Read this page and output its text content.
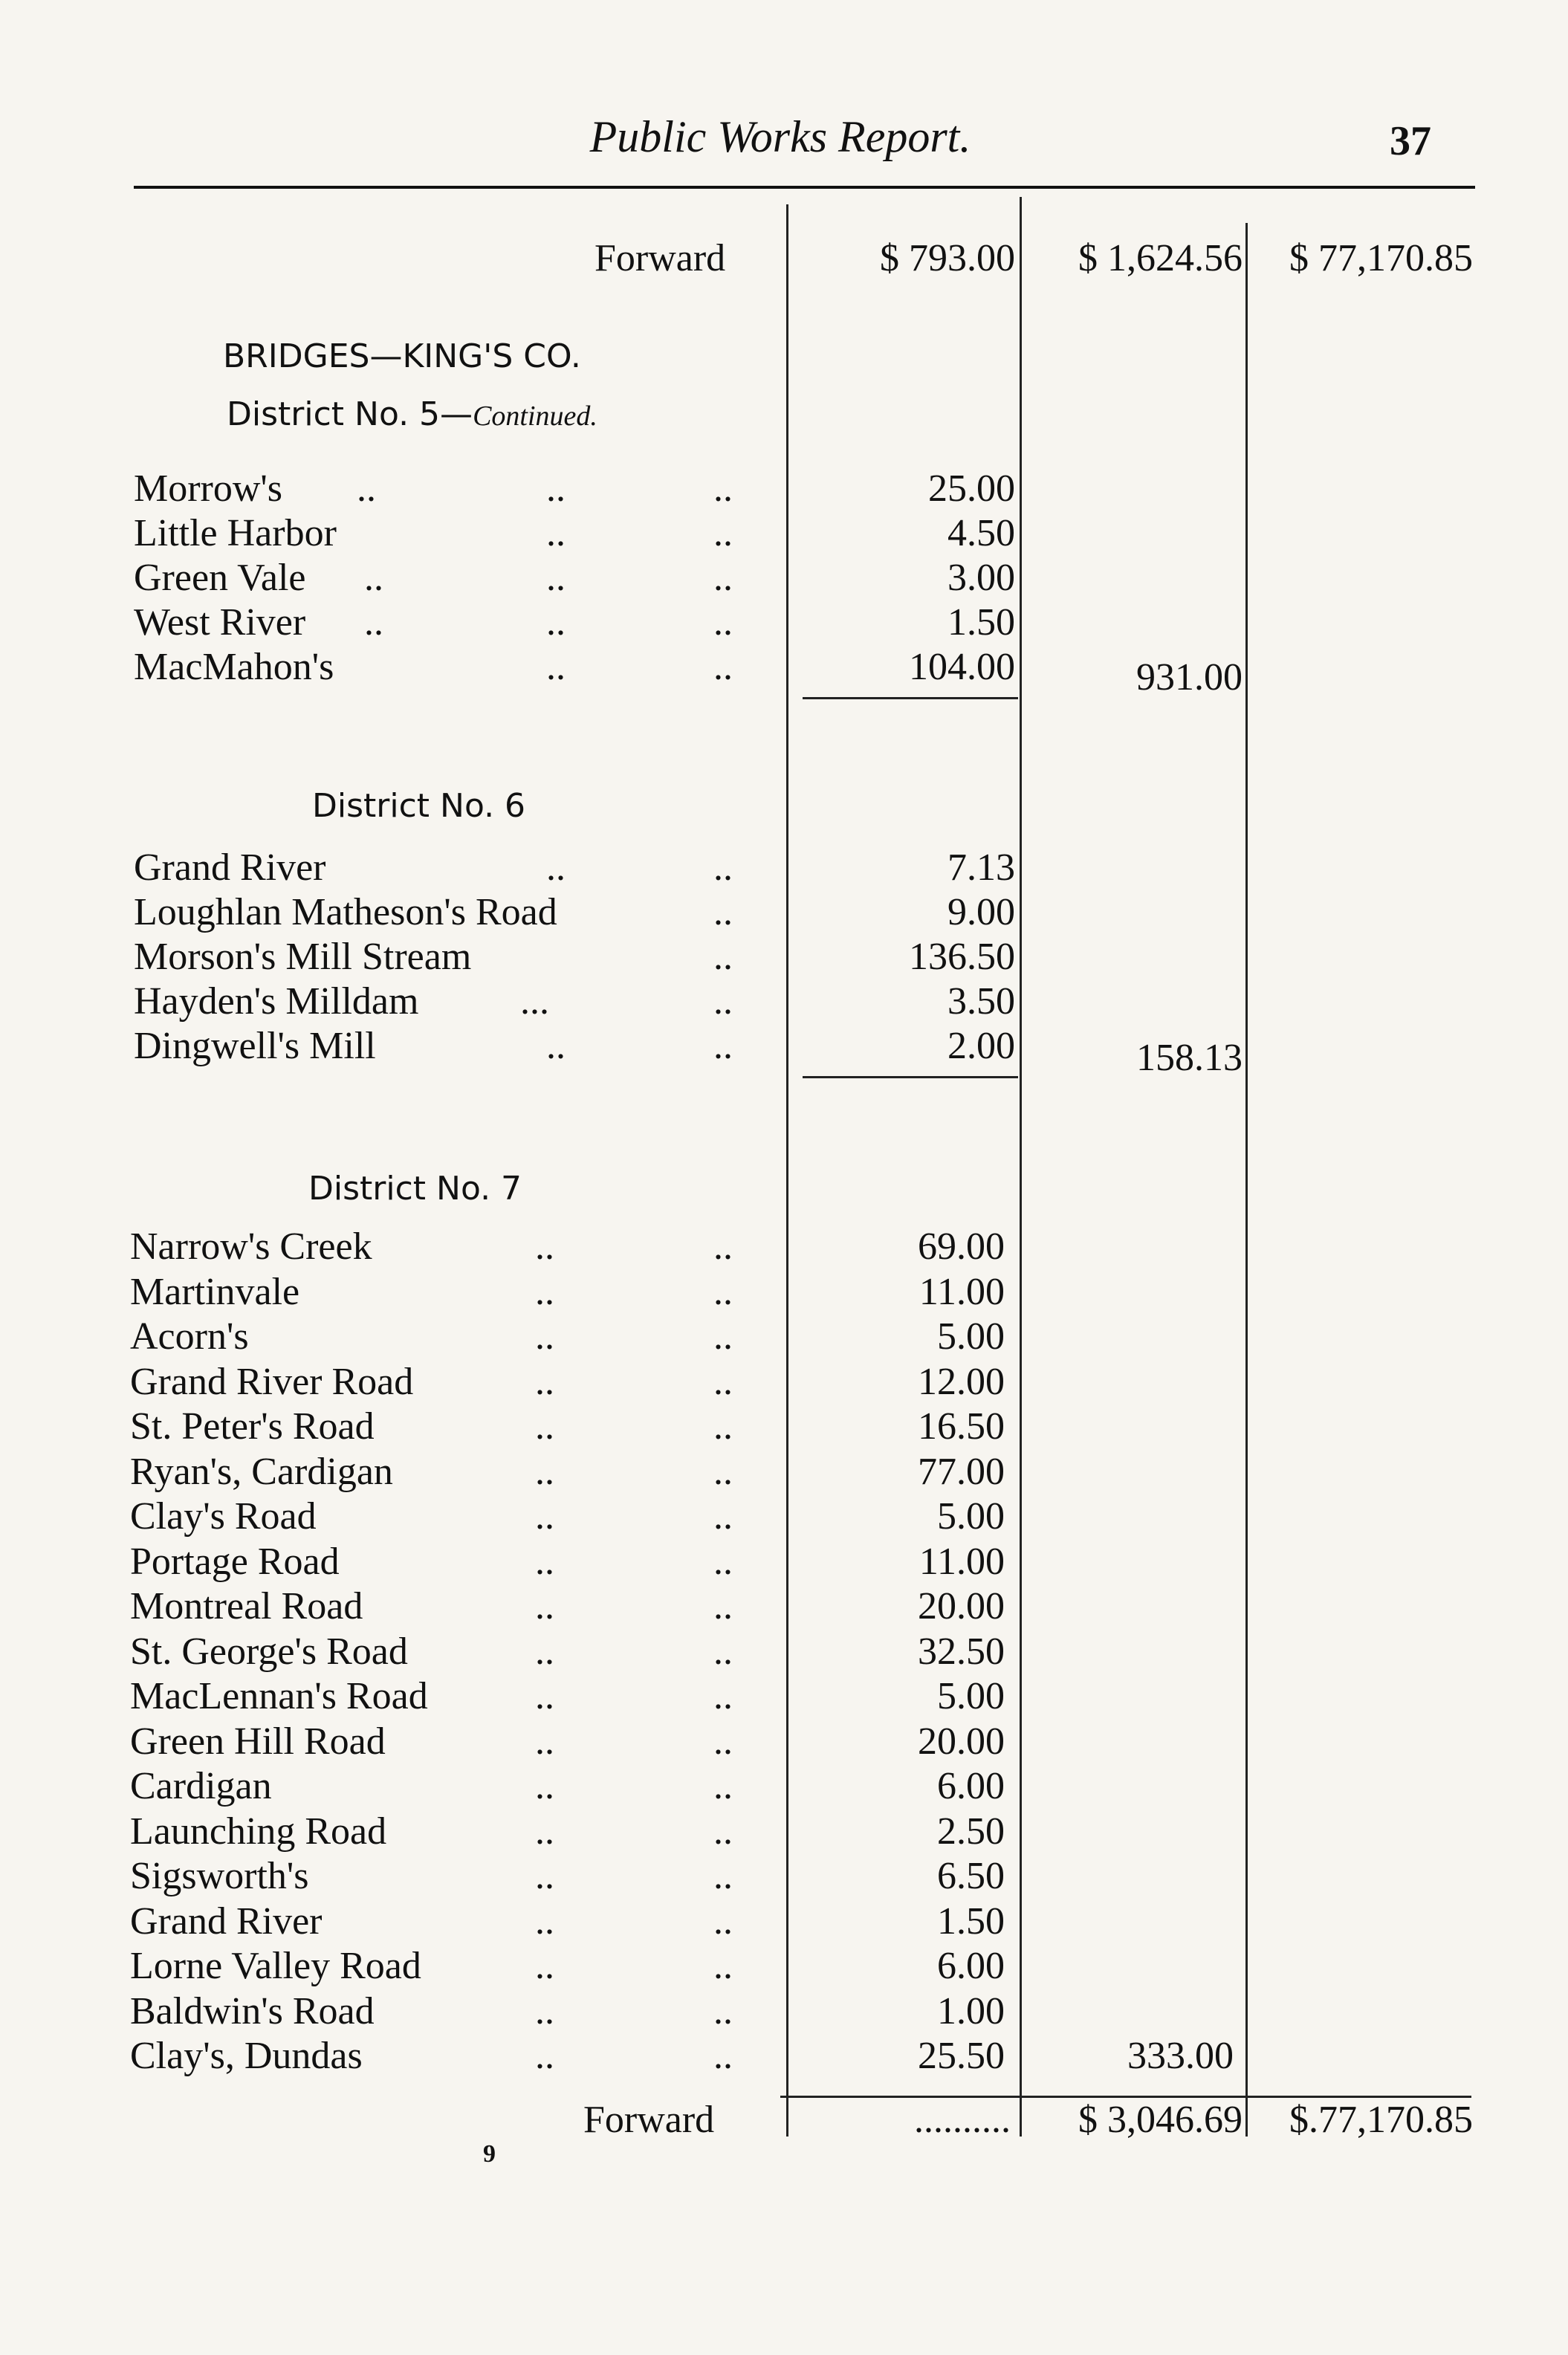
Public Works Report.	37
Forward	$ 793.00	$ 1,624.56	$ 77,170.85
BRIDGES—KING'S CO.
District No. 5—Continued.
Morrow's ..	..	..	25.00
Little Harbor	..	..	4.50
Green Vale ..	..	..	3.00
West River ..	..	..	1.50
MacMahon's	..	..	104.00	931.00
District No. 6
Grand River	..	..	7.13
Loughlan Matheson's Road	..	9.00
Morson's Mill Stream	..	136.50
Hayden's Milldam	...	..	3.50
Dingwell's Mill	..	..	2.00	158.13
District No. 7
Narrow's Creek	..	..	69.00
Martinvale	..	..	11.00
Acorn's	..	..	5.00
Grand River Road	..	..	12.00
St. Peter's Road	..	..	16.50
Ryan's, Cardigan	..	..	77.00
Clay's Road	..	..	5.00
Portage Road	..	..	11.00
Montreal Road	..	..	20.00
St. George's Road	..	..	32.50
MacLennan's Road	..	..	5.00
Green Hill Road	..	..	20.00
Cardigan	..	..	6.00
Launching Road	..	..	2.50
Sigsworth's	..	..	6.50
Grand River	..	..	1.50
Lorne Valley Road	..	..	6.00
Baldwin's Road	..	..	1.00
Clay's, Dundas	..	..	25.50	333.00
Forward	..........	$ 3,046.69	$.77,170.85
9
